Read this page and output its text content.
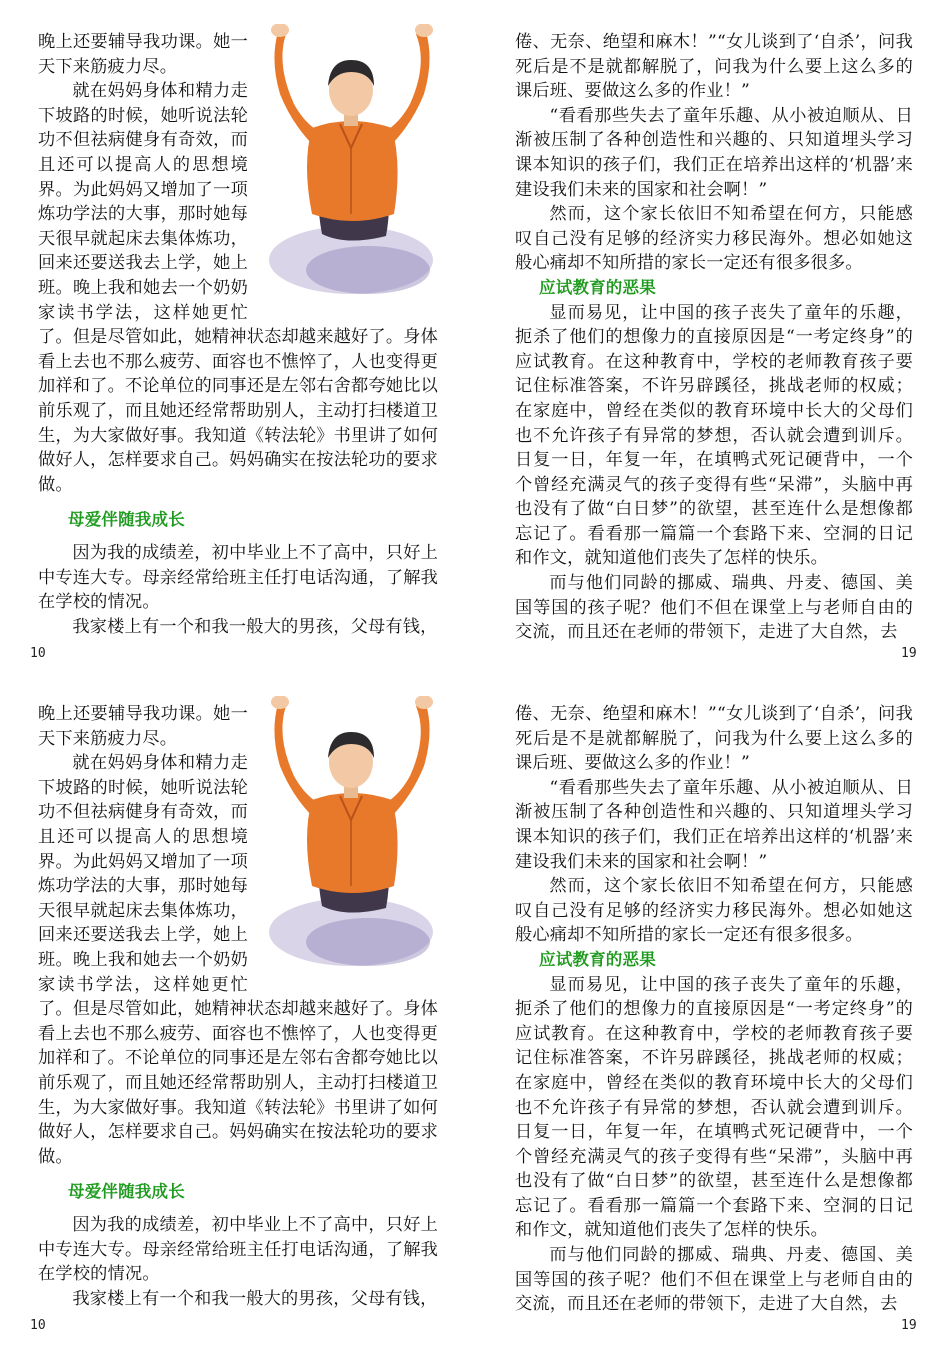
晚上还要辅导我功课。她一天下来筋疲力尽。

就在妈妈身体和精力走下坡路的时候，她听说法轮功不但祛病健身有奇效，而且还可以提高人的思想境界。为此妈妈又增加了一项炼功学法的大事，那时她每天很早就起床去集体炼功，回来还要送我去上学，她上班。晚上我和她去一个奶奶家读书学法，这样她更忙了。但是尽管如此，她精神状态却越来越好了。身体看上去也不那么疲劳、面容也不憔悴了，人也变得更加祥和了。不论单位的同事还是左邻右舍都夸她比以前乐观了，而且她还经常帮助别人，主动打扫楼道卫生，为大家做好事。我知道《转法轮》书里讲了如何做好人，怎样要求自己。妈妈确实在按法轮功的要求做。

母爱伴随我成长

因为我的成绩差，初中毕业上不了高中，只好上中专连大专。母亲经常给班主任打电话沟通，了解我在学校的情况。

我家楼上有一个和我一般大的男孩，父母有钱，

10

倦、无奈、绝望和麻木！”“女儿谈到了‘自杀’，问我死后是不是就都解脱了，问我为什么要上这么多的课后班、要做这么多的作业！”

“看看那些失去了童年乐趣、从小被迫顺从、日渐被压制了各种创造性和兴趣的、只知道埋头学习课本知识的孩子们，我们正在培养出这样的‘机器’来建设我们未来的国家和社会啊！”

然而，这个家长依旧不知希望在何方，只能感叹自己没有足够的经济实力移民海外。想必如她这般心痛却不知所措的家长一定还有很多很多。

应试教育的恶果

显而易见，让中国的孩子丧失了童年的乐趣，扼杀了他们的想像力的直接原因是“一考定终身”的应试教育。在这种教育中，学校的老师教育孩子要记住标准答案，不许另辟蹊径，挑战老师的权威；在家庭中，曾经在类似的教育环境中长大的父母们也不允许孩子有异常的梦想，否认就会遭到训斥。日复一日，年复一年，在填鸭式死记硬背中，一个个曾经充满灵气的孩子变得有些“呆滞”，头脑中再也没有了做“白日梦”的欲望，甚至连什么是想像都忘记了。看看那一篇篇一个套路下来、空洞的日记和作文，就知道他们丧失了怎样的快乐。

而与他们同龄的挪威、瑞典、丹麦、德国、美国等国的孩子呢？他们不但在课堂上与老师自由的交流，而且还在老师的带领下，走进了大自然，去

19

晚上还要辅导我功课。她一天下来筋疲力尽。

就在妈妈身体和精力走下坡路的时候，她听说法轮功不但祛病健身有奇效，而且还可以提高人的思想境界。为此妈妈又增加了一项炼功学法的大事，那时她每天很早就起床去集体炼功，回来还要送我去上学，她上班。晚上我和她去一个奶奶家读书学法，这样她更忙了。但是尽管如此，她精神状态却越来越好了。身体看上去也不那么疲劳、面容也不憔悴了，人也变得更加祥和了。不论单位的同事还是左邻右舍都夸她比以前乐观了，而且她还经常帮助别人，主动打扫楼道卫生，为大家做好事。我知道《转法轮》书里讲了如何做好人，怎样要求自己。妈妈确实在按法轮功的要求做。

母爱伴随我成长

因为我的成绩差，初中毕业上不了高中，只好上中专连大专。母亲经常给班主任打电话沟通，了解我在学校的情况。

我家楼上有一个和我一般大的男孩，父母有钱，

10

倦、无奈、绝望和麻木！”“女儿谈到了‘自杀’，问我死后是不是就都解脱了，问我为什么要上这么多的课后班、要做这么多的作业！”

“看看那些失去了童年乐趣、从小被迫顺从、日渐被压制了各种创造性和兴趣的、只知道埋头学习课本知识的孩子们，我们正在培养出这样的‘机器’来建设我们未来的国家和社会啊！”

然而，这个家长依旧不知希望在何方，只能感叹自己没有足够的经济实力移民海外。想必如她这般心痛却不知所措的家长一定还有很多很多。

应试教育的恶果

显而易见，让中国的孩子丧失了童年的乐趣，扼杀了他们的想像力的直接原因是“一考定终身”的应试教育。在这种教育中，学校的老师教育孩子要记住标准答案，不许另辟蹊径，挑战老师的权威；在家庭中，曾经在类似的教育环境中长大的父母们也不允许孩子有异常的梦想，否认就会遭到训斥。日复一日，年复一年，在填鸭式死记硬背中，一个个曾经充满灵气的孩子变得有些“呆滞”，头脑中再也没有了做“白日梦”的欲望，甚至连什么是想像都忘记了。看看那一篇篇一个套路下来、空洞的日记和作文，就知道他们丧失了怎样的快乐。

而与他们同龄的挪威、瑞典、丹麦、德国、美国等国的孩子呢？他们不但在课堂上与老师自由的交流，而且还在老师的带领下，走进了大自然，去

19
